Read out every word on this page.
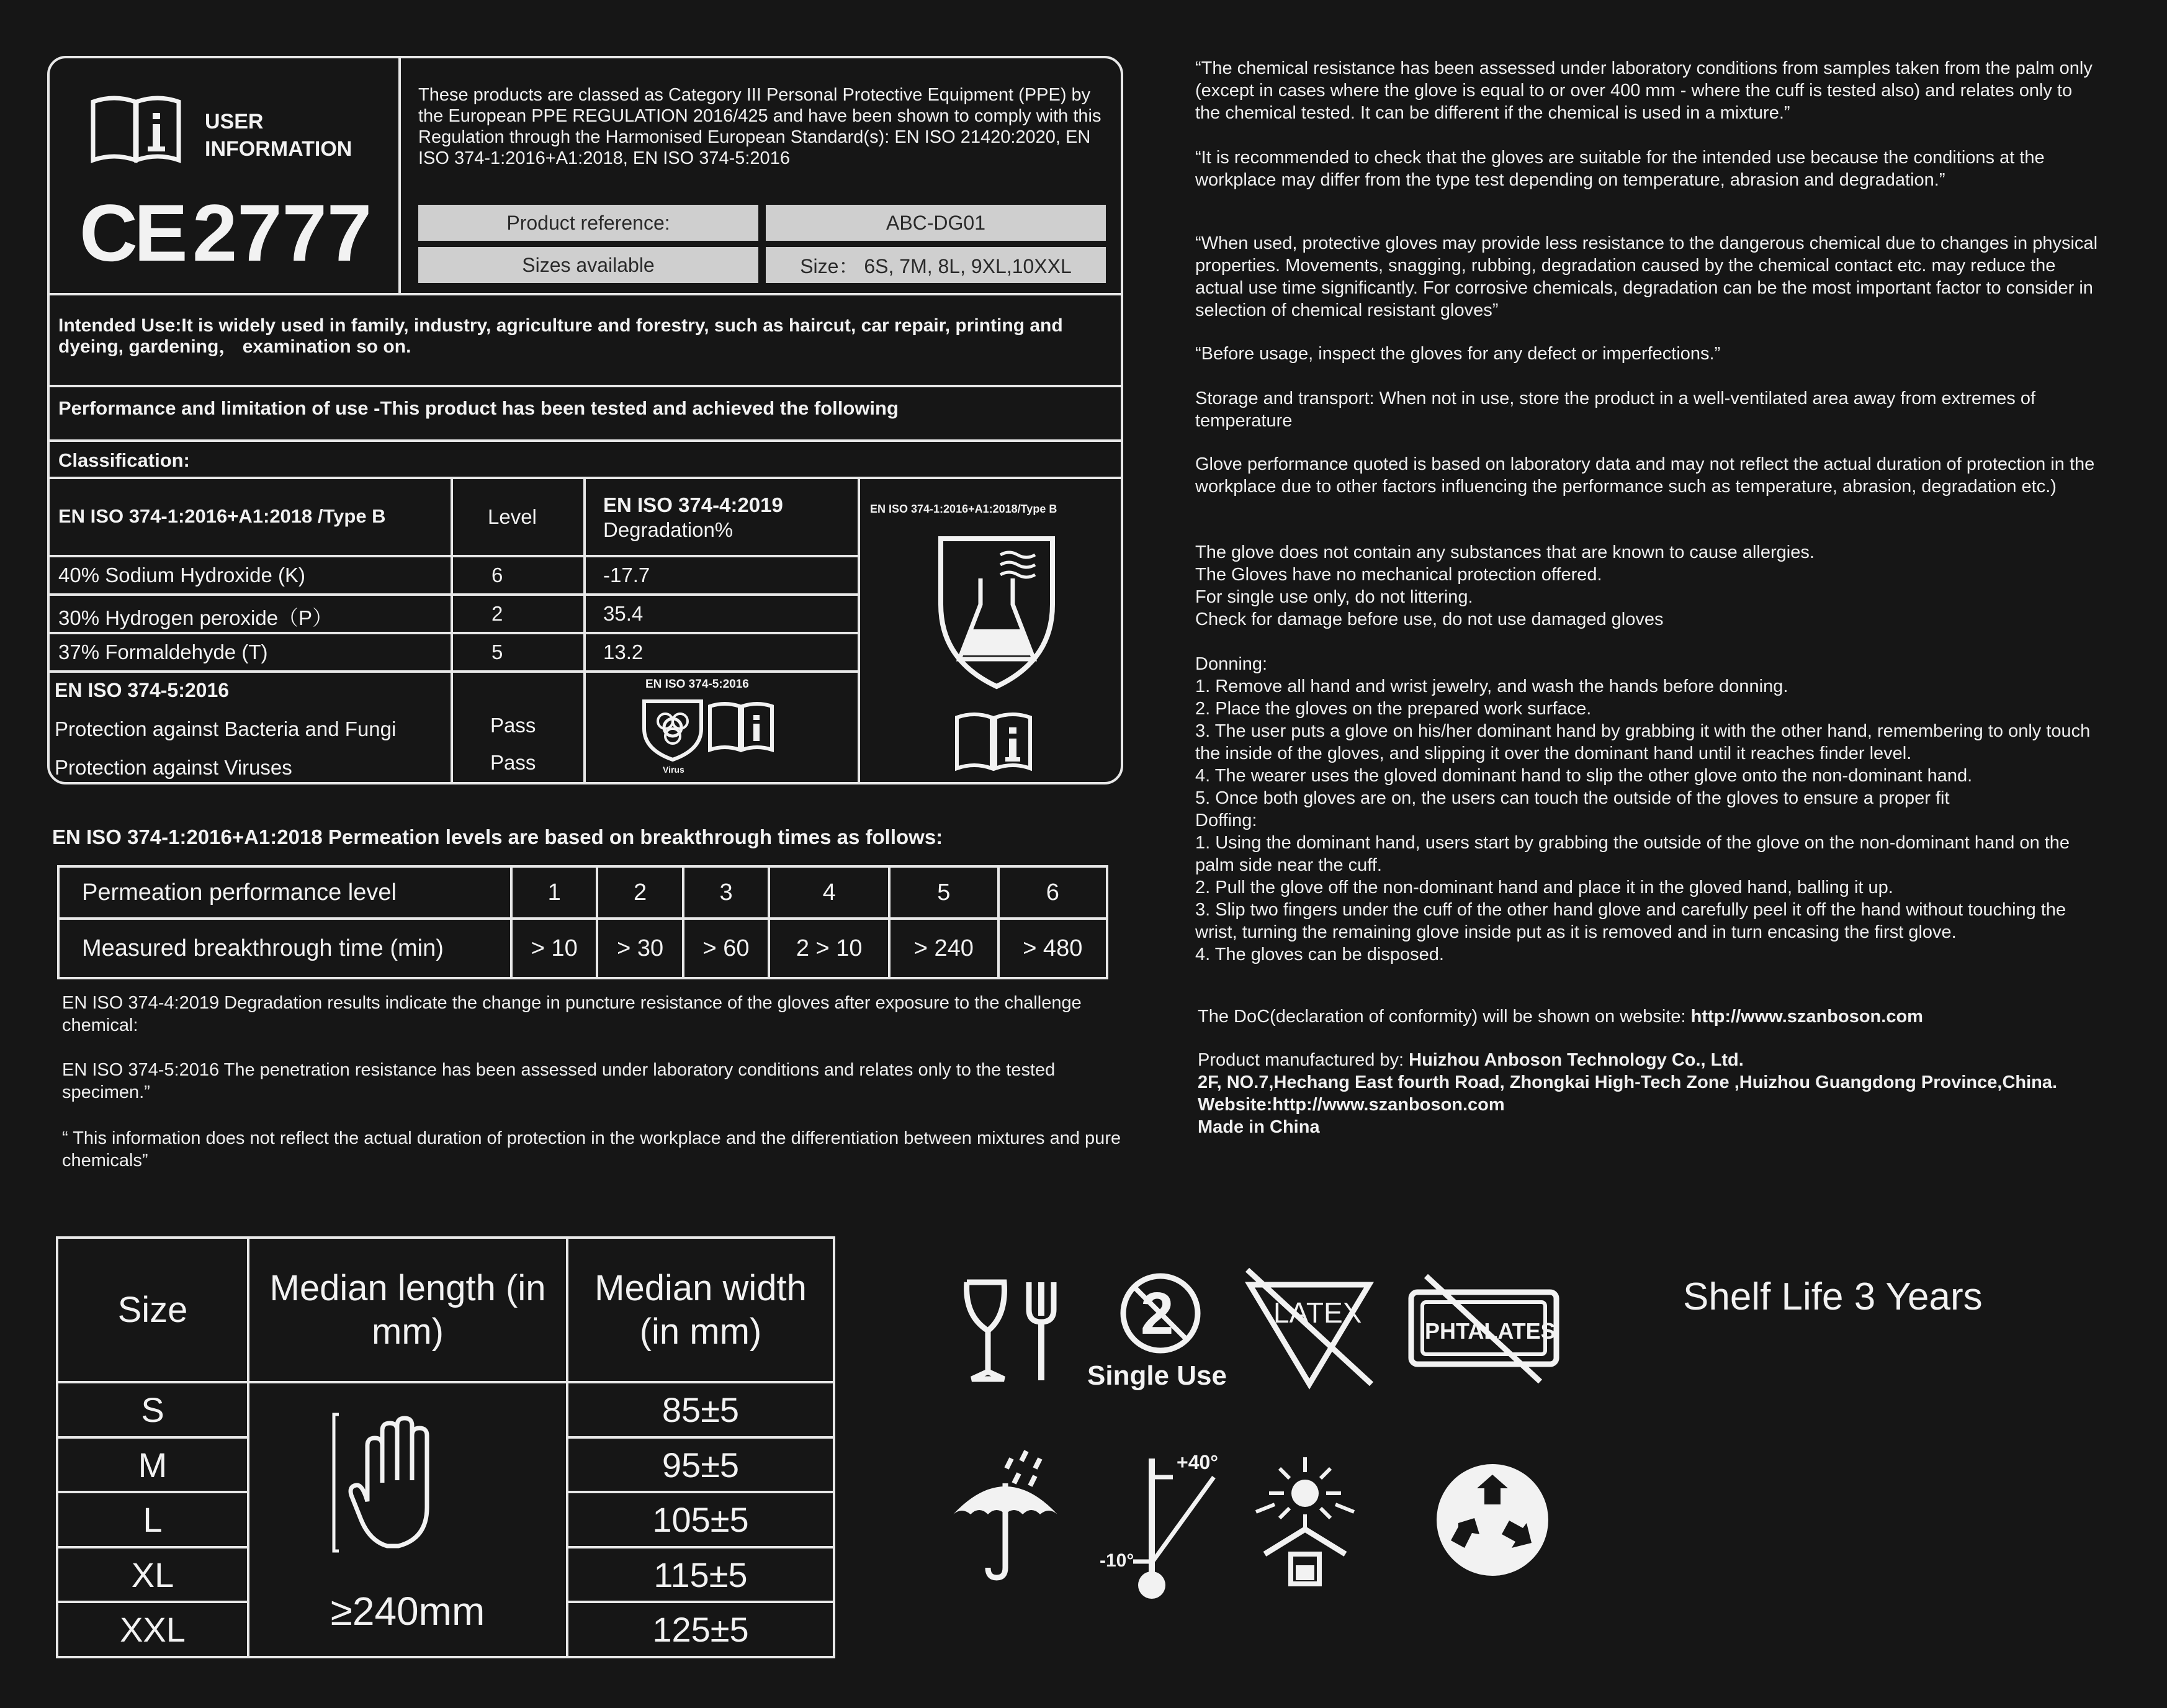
USER
INFORMATION
CE 2777
These products are classed as Category III Personal Protective Equipment (PPE) by the European PPE REGULATION 2016/425 and have been shown to comply with this Regulation through the Harmonised European Standard(s): EN ISO 21420:2020, EN ISO 374-1:2016+A1:2018, EN ISO 374-5:2016
Product reference:	ABC-DG01
Sizes available	Size： 6S, 7M, 8L, 9XL,10XXL
Intended Use:It is widely used in family, industry, agriculture and forestry, such as haircut, car repair, printing and dyeing, gardening， examination so on.
Performance and limitation of use -This product has been tested and achieved the following
Classification:
EN ISO 374-1:2016+A1:2018 /Type B	Level
EN ISO 374-4:2019
Degradation%
40% Sodium Hydroxide (K)	6	-17.7
30% Hydrogen peroxide（P）	2	35.4
37% Formaldehyde (T)	5	13.2
EN ISO 374-5:2016
Protection against Bacteria and Fungi	Pass
Protection against Viruses	Pass
EN ISO 374-5:2016
Virus
EN ISO 374-1:2016+A1:2018/Type B
EN ISO 374-1:2016+A1:2018 Permeation levels are based on breakthrough times as follows:
Permeation performance level	1	2	3	4	5	6
Measured breakthrough time (min)	> 10	> 30	> 60	2 > 10	> 240	> 480
EN ISO 374-4:2019 Degradation results indicate the change in puncture resistance of the gloves after exposure to the challenge chemical:
EN ISO 374-5:2016 The penetration resistance has been assessed under laboratory conditions and relates only to the tested specimen.”
“ This information does not reflect the actual duration of protection in the workplace and the differentiation between mixtures and pure chemicals”
“The chemical resistance has been assessed under laboratory conditions from samples taken from the palm only (except in cases where the glove is equal to or over 400 mm - where the cuff is tested also) and relates only to the chemical tested. It can be different if the chemical is used in a mixture.”
“It is recommended to check that the gloves are suitable for the intended use because the conditions at the workplace may differ from the type test depending on temperature, abrasion and degradation.”
“When used, protective gloves may provide less resistance to the dangerous chemical due to changes in physical properties. Movements, snagging, rubbing, degradation caused by the chemical contact etc. may reduce the actual use time significantly. For corrosive chemicals, degradation can be the most important factor to consider in selection of chemical resistant gloves”
“Before usage, inspect the gloves for any defect or imperfections.”
Storage and transport: When not in use, store the product in a well-ventilated area away from extremes of temperature
Glove performance quoted is based on laboratory data and may not reflect the actual duration of protection in the workplace due to other factors influencing the performance such as temperature, abrasion, degradation etc.)
The glove does not contain any substances that are known to cause allergies.
The Gloves have no mechanical protection offered.
For single use only, do not littering.
Check for damage before use, do not use damaged gloves
Donning:
1. Remove all hand and wrist jewelry, and wash the hands before donning.
2. Place the gloves on the prepared work surface.
3. The user puts a glove on his/her dominant hand by grabbing it with the other hand, remembering to only touch the inside of the gloves, and slipping it over the dominant hand until it reaches finder level.
4. The wearer uses the gloved dominant hand to slip the other glove onto the non-dominant hand.
5. Once both gloves are on, the users can touch the outside of the gloves to ensure a proper fit
Doffing:
1. Using the dominant hand, users start by grabbing the outside of the glove on the non-dominant hand on the palm side near the cuff.
2. Pull the glove off the non-dominant hand and place it in the gloved hand, balling it up.
3. Slip two fingers under the cuff of the other hand glove and carefully peel it off the hand without touching the wrist, turning the remaining glove inside put as it is removed and in turn encasing the first glove.
4. The gloves can be disposed.
The DoC(declaration of conformity) will be shown on website: http://www.szanboson.com
Product manufactured by: Huizhou Anboson Technology Co., Ltd.
2F, NO.7,Hechang East fourth Road, Zhongkai High-Tech Zone ,Huizhou Guangdong Province,China.
Website:http://www.szanboson.com
Made in China
Size	Median length (in mm)	Median width (in mm)
S	≥240mm	85±5
M		95±5
L		105±5
XL		115±5
XXL		125±5
2
Single Use
LATEX
PHTALATES
Shelf Life 3 Years
+40°
-10°
